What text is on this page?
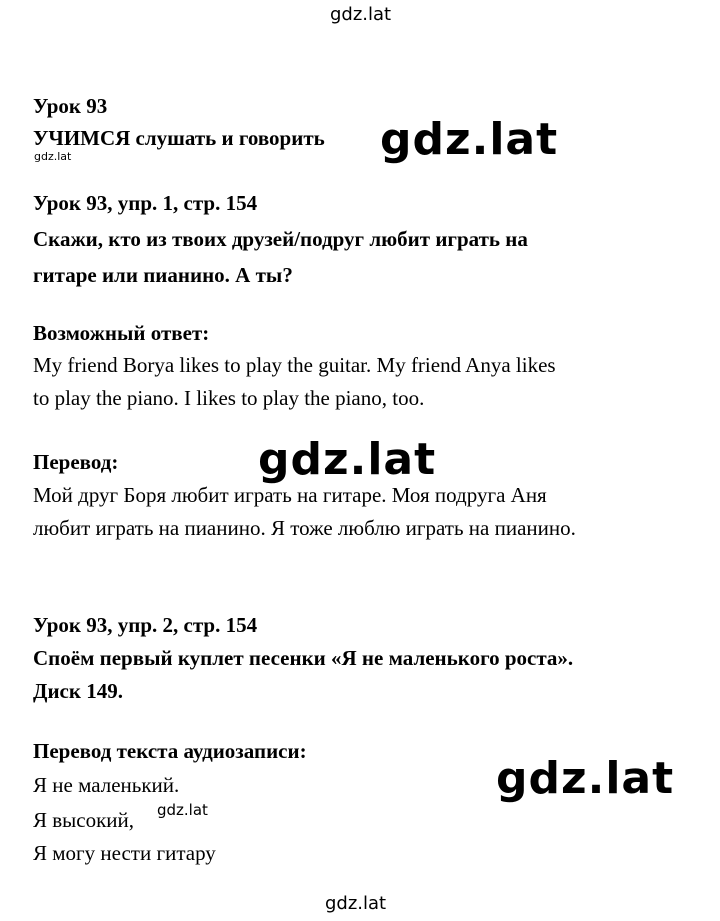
gdz.lat
Урок 93
УЧИМСЯ слушать и говорить
gdz.lat	gdz.lat
Урок 93, упр. 1, стр. 154
Скажи, кто из твоих друзей/подруг любит играть на
гитаре или пианино. А ты?
Возможный ответ:
My friend Borya likes to play the guitar. My friend Anya likes
to play the piano. I likes to play the piano, too.
Перевод:	gdz.lat
Мой друг Боря любит играть на гитаре. Моя подруга Аня
любит играть на пианино. Я тоже люблю играть на пианино.
Урок 93, упр. 2, стр. 154
Споём первый куплет песенки «Я не маленького роста».
Диск 149.
Перевод текста аудиозаписи:
gdz.lat
Я не маленький.
Я высокий, gdz.lat
Я могу нести гитару
gdz.lat
